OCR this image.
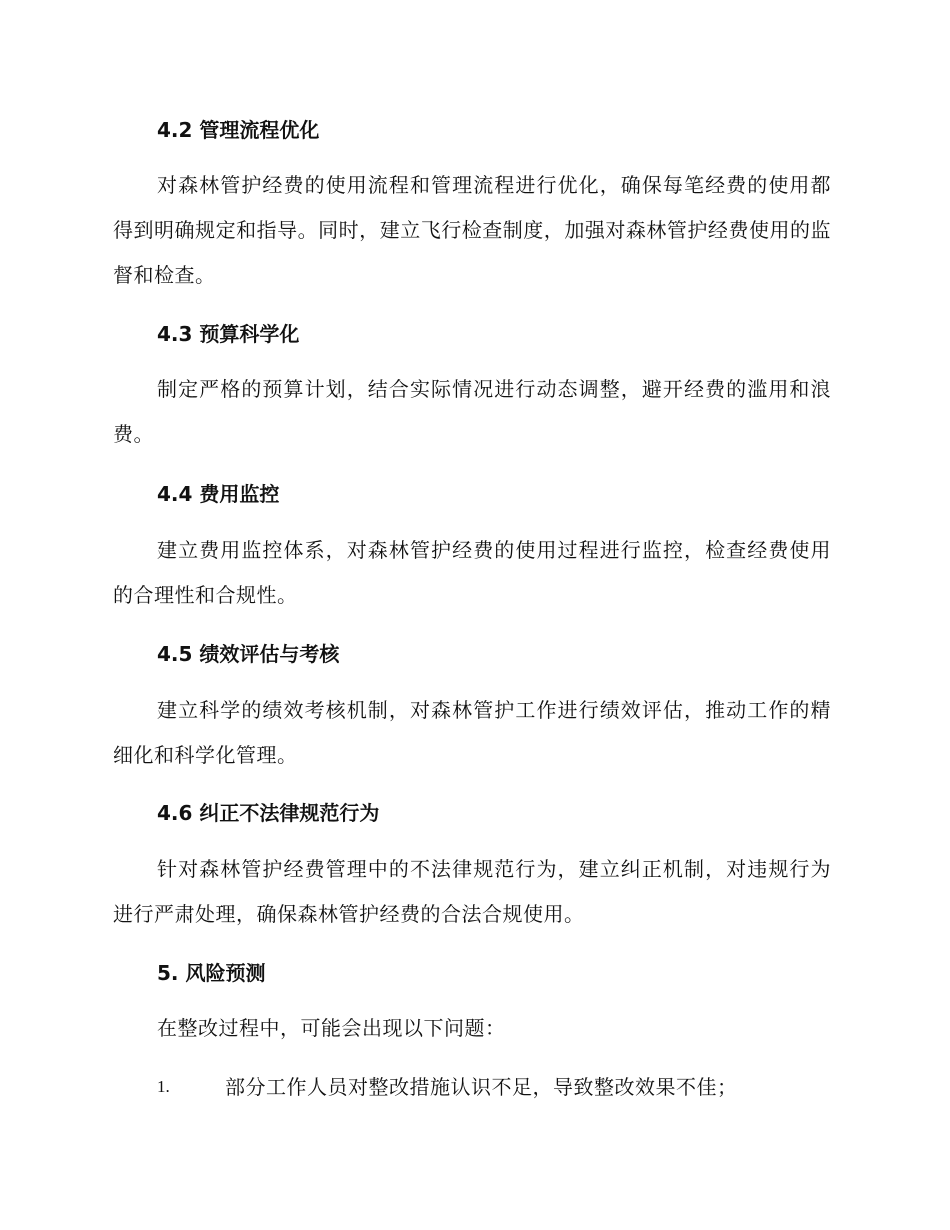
4.2 管理流程优化
对森林管护经费的使用流程和管理流程进行优化，确保每笔经费的使用都得到明确规定和指导。同时，建立飞行检查制度，加强对森林管护经费使用的监督和检查。
4.3 预算科学化
制定严格的预算计划，结合实际情况进行动态调整，避开经费的滥用和浪费。
4.4 费用监控
建立费用监控体系，对森林管护经费的使用过程进行监控，检查经费使用的合理性和合规性。
4.5 绩效评估与考核
建立科学的绩效考核机制，对森林管护工作进行绩效评估，推动工作的精细化和科学化管理。
4.6 纠正不法律规范行为
针对森林管护经费管理中的不法律规范行为，建立纠正机制，对违规行为进行严肃处理，确保森林管护经费的合法合规使用。
5. 风险预测
在整改过程中，可能会出现以下问题：
1.	部分工作人员对整改措施认识不足，导致整改效果不佳；
